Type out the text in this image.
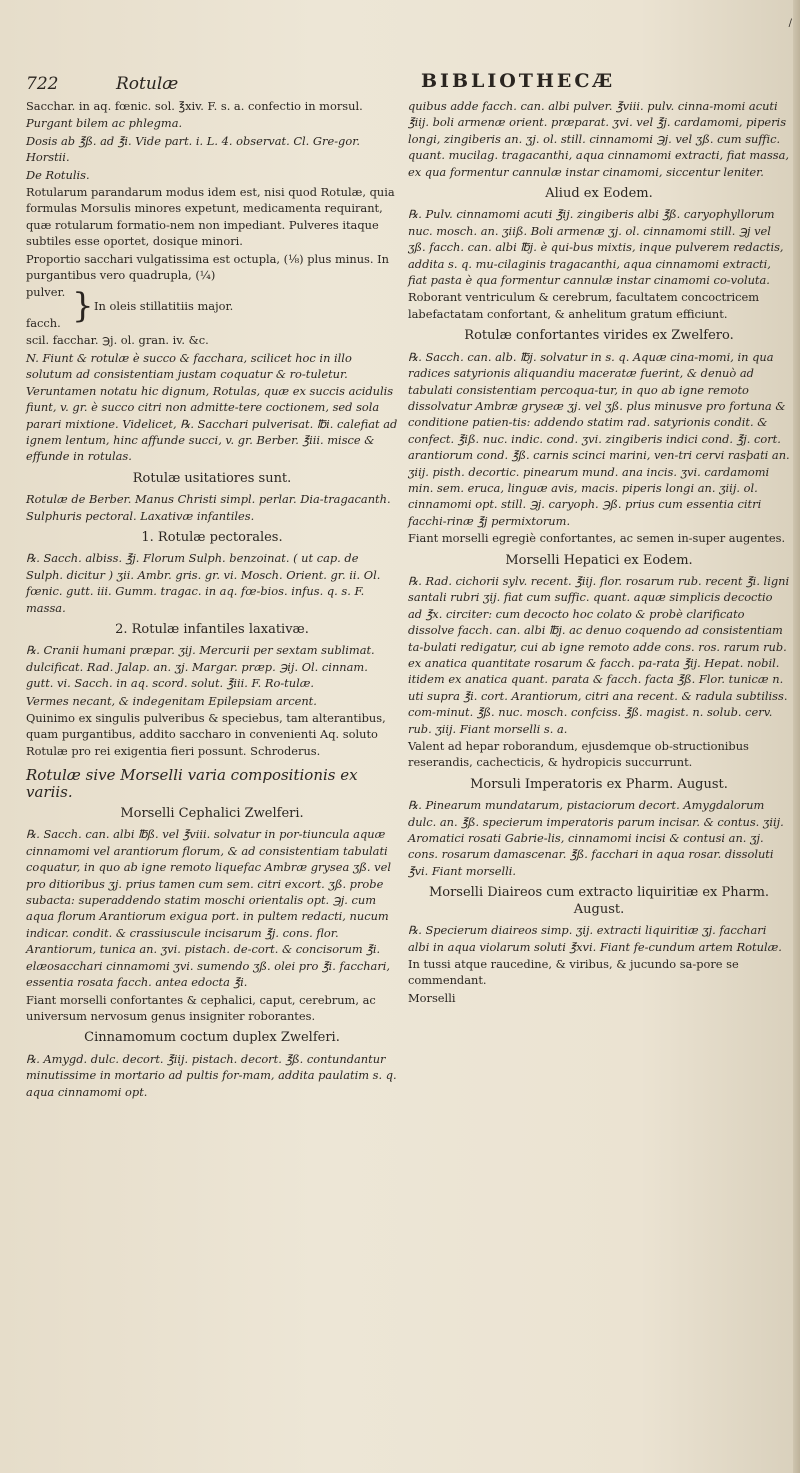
/
722	Rotulæ	BIBLIOTHECÆ

Sacchar. in aq. fœnic. sol. ℥xiv. F. s. a. confectio in morsul.

Purgant bilem ac phlegma.

Dosis ab ℥ß. ad ℥i. Vide part. i. L. 4. observat. Cl. Gre-gor. Horstii.

De Rotulis.

Rotularum parandarum modus idem est, nisi quod Rotulæ, quia formulas Morsulis minores expetunt, medicamenta requirant, quæ rotularum formatio-nem non impediant. Pulveres itaque subtiles esse oportet, dosique minori.

Proportio sacchari vulgatissima est octupla, (⅛) plus minus. In purgantibus vero quadrupla, (¼)

pulver.
facch.
In oleis stillatitiis major.
}

scil. facchar. ℈j. ol. gran. iv. &c.

N. Fiunt & rotulæ è succo & facchara, scilicet hoc in illo solutum ad consistentiam justam coquatur & ro-tuletur. Veruntamen notatu hic dignum, Rotulas, quæ ex succis acidulis fiunt, v. gr. è succo citri non admitte-tere coctionem, sed sola parari mixtione. Videlicet, ℞. Sacchari pulverisat. ℔i. calefiat ad ignem lentum, hinc affunde succi, v. gr. Berber. ℥iii. misce & effunde in rotulas.

Rotulæ usitatiores sunt.

Rotulæ de Berber. Manus Christi simpl. perlar. Dia-tragacanth. Sulphuris pectoral. Laxativæ infantiles.

1. Rotulæ pectorales.

℞. Sacch. albiss. ℥j. Florum Sulph. benzoinat. ( ut cap. de Sulph. dicitur ) ʒii. Ambr. gris. gr. vi. Mosch. Orient. gr. ii. Ol. fœnic. gutt. iii. Gumm. tragac. in aq. fœ-bios. infus. q. s. F. massa.

2. Rotulæ infantiles laxativæ.

℞. Cranii humani præpar. ʒij. Mercurii per sextam sublimat. dulcificat. Rad. Jalap. an. ʒj. Margar. præp. ℈ij. Ol. cinnam. gutt. vi. Sacch. in aq. scord. solut. ℥iii. F. Ro-tulæ.

Vermes necant, & indegenitam Epilepsiam arcent.

Quinimo ex singulis pulveribus & speciebus, tam alterantibus, quam purgantibus, addito saccharo in convenienti Aq. soluto Rotulæ pro rei exigentia fieri possunt. Schroderus.

Rotulæ sive Morselli varia compositionis ex variis.

Morselli Cephalici Zwelferi.

℞. Sacch. can. albi ℔ß. vel ℥viii. solvatur in por-tiuncula aquæ cinnamomi vel arantiorum florum, & ad consistentiam tabulati coquatur, in quo ab igne remoto liquefac Ambræ grysea ʒß. vel pro ditioribus ʒj. prius tamen cum sem. citri excort. ʒß. probe subacta: superaddendo statim moschi orientalis opt. ℈j. cum aqua florum Arantiorum exigua port. in pultem redacti, nucum indicar. condit. & crassiuscule incisarum ℥j. cons. flor. Arantiorum, tunica an. ʒvi. pistach. de-cort. & concisorum ℥i. elæosacchari cinnamomi ʒvi. sumendo ʒß. olei pro ℥i. facchari, essentia rosata facch. antea edocta ℥i.

Fiant morselli confortantes & cephalici, caput, cerebrum, ac universum nervosum genus insigniter roborantes.

Cinnamomum coctum duplex Zwelferi.

℞. Amygd. dulc. decort. ℥iij. pistach. decort. ℥ß. contundantur minutissime in mortario ad pultis for-mam, addita paulatim s. q. aqua cinnamomi opt.

quibus adde facch. can. albi pulver. ℥viii. pulv. cinna-momi acuti ℥iij. boli armenæ orient. præparat. ʒvi. vel ℥j. cardamomi, piperis longi, zingiberis an. ʒj. ol. still. cinnamomi ℈j. vel ʒß. cum suffic. quant. mucilag. tragacanthi, aqua cinnamomi extracti, fiat massa, ex qua formentur cannulæ instar cinamomi, siccentur leniter.

Aliud ex Eodem.

℞. Pulv. cinnamomi acuti ℥ij. zingiberis albi ℥ß. caryophyllorum nuc. mosch. an. ʒiiß. Boli armenæ ʒj. ol. cinnamomi still. ℈j vel ʒß. facch. can. albi ℔j. è qui-bus mixtis, inque pulverem redactis, addita s. q. mu-cilaginis tragacanthi, aqua cinnamomi extracti, fiat pasta è qua formentur cannulæ instar cinamomi co-voluta.

Roborant ventriculum & cerebrum, facultatem concoctricem labefactatam confortant, & anhelitum gratum efficiunt.

Rotulæ confortantes virides ex Zwelfero.

℞. Sacch. can. alb. ℔j. solvatur in s. q. Aquæ cina-momi, in qua radices satyrionis aliquandiu maceratæ fuerint, & denuò ad tabulati consistentiam percoqua-tur, in quo ab igne remoto dissolvatur Ambræ gryseæ ʒj. vel ʒß. plus minusve pro fortuna & conditione patien-tis: addendo statim rad. satyrionis condit. & confect. ℥iß. nuc. indic. cond. ʒvi. zingiberis indici cond. ℥j. cort. arantiorum cond. ℥ß. carnis scinci marini, ven-tri cervi rasþati an. ʒiij. pisth. decortic. pinearum mund. ana incis. ʒvi. cardamomi min. sem. eruca, linguæ avis, macis. piperis longi an. ʒiij. ol. cinnamomi opt. still. ℈j. caryoph. ℈ß. prius cum essentia citri facchi-rinæ ℥j permixtorum.

Fiant morselli egregiè confortantes, ac semen in-super augentes.

Morselli Hepatici ex Eodem.

℞. Rad. cichorii sylv. recent. ℥iij. flor. rosarum rub. recent ℥i. ligni santali rubri ʒij. fiat cum suffic. quant. aquæ simplicis decoctio ad ℥x. circiter: cum decocto hoc colato & probè clarificato dissolve facch. can. albi ℔j. ac denuo coquendo ad consistentiam ta-bulati redigatur, cui ab igne remoto adde cons. ros. rarum rub. ex anatica quantitate rosarum & facch. pa-rata ℥ij. Hepat. nobil. itidem ex anatica quant. parata & facch. facta ℥ß. Flor. tunicæ n. uti supra ℥i. cort. Arantiorum, citri ana recent. & radula subtiliss. com-minut. ℥ß. nuc. mosch. confciss. ℥ß. magist. n. solub. cerv. rub. ʒiij. Fiant morselli s. a.

Valent ad hepar roborandum, ejusdemque ob-structionibus reserandis, cachecticis, & hydropicis succurrunt.

Morsuli Imperatoris ex Pharm. August.

℞. Pinearum mundatarum, pistaciorum decort. Amygdalorum dulc. an. ℥ß. specierum imperatoris parum incisar. & contus. ʒiij. Aromatici rosati Gabrie-lis, cinnamomi incisi & contusi an. ʒj. cons. rosarum damascenar. ℥ß. facchari in aqua rosar. dissoluti ℥vi. Fiant morselli.

Morselli Diaireos cum extracto liquiritiæ ex Pharm. August.

℞. Specierum diaireos simp. ʒij. extracti liquiritiæ ʒj. facchari albi in aqua violarum soluti ℥xvi. Fiant fe-cundum artem Rotulæ.

In tussi atque raucedine, & viribus, & jucundo sa-pore se commendant.

Morselli
